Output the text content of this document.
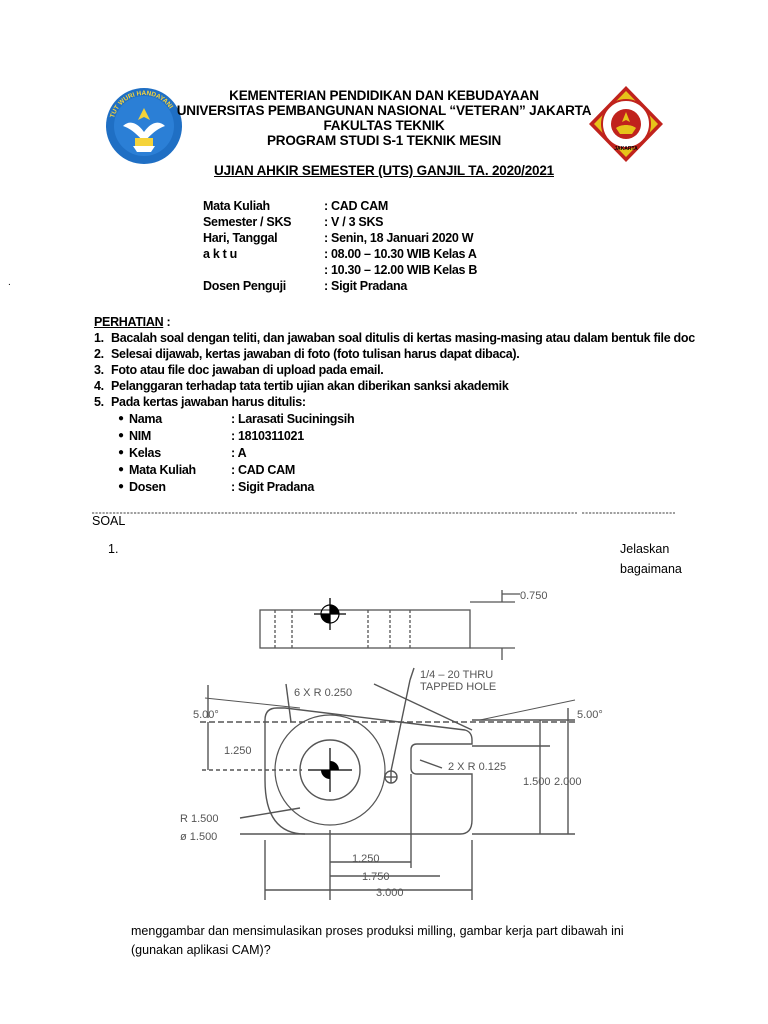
TUT WURI HANDAYANI
JAKARTA
KEMENTERIAN PENDIDIKAN DAN KEBUDAYAAN
UNIVERSITAS PEMBANGUNAN NASIONAL “VETERAN” JAKARTA
FAKULTAS TEKNIK
PROGRAM STUDI S-1 TEKNIK MESIN
UJIAN AHKIR SEMESTER (UTS) GANJIL TA. 2020/2021
.
Mata Kuliah	: CAD CAM
Semester / SKS	: V / 3 SKS
Hari, Tanggal	: Senin, 18 Januari 2020 W
a k t u	: 08.00 – 10.30 WIB Kelas A
: 10.30 – 12.00 WIB Kelas B
Dosen Penguji	: Sigit Pradana
PERHATIAN :
1. Bacalah soal dengan teliti, dan jawaban soal ditulis di kertas masing-masing atau dalam bentuk file doc
2. Selesai dijawab, kertas jawaban di foto (foto tulisan harus dapat dibaca).
3. Foto atau file doc jawaban di upload pada email.
4. Pelanggaran terhadap tata tertib ujian akan diberikan sanksi akademik
5. Pada kertas jawaban harus ditulis:
● Nama	: Larasati Suciningsih
● NIM	: 1810311021
● Kelas	: A
● Mata Kuliah	: CAD CAM
● Dosen	: Sigit Pradana
SOAL
1.	Jelaskan
bagaimana
0.750
6 X R 0.250
1/4 – 20 THRU
TAPPED HOLE
5.00°	5.00°
1.250
2 X R 0.125
1.500 2.000
R 1.500
ø 1.500
1.250
1.750
3.000
menggambar dan mensimulasikan proses produksi milling, gambar kerja part dibawah ini
(gunakan aplikasi CAM)?
